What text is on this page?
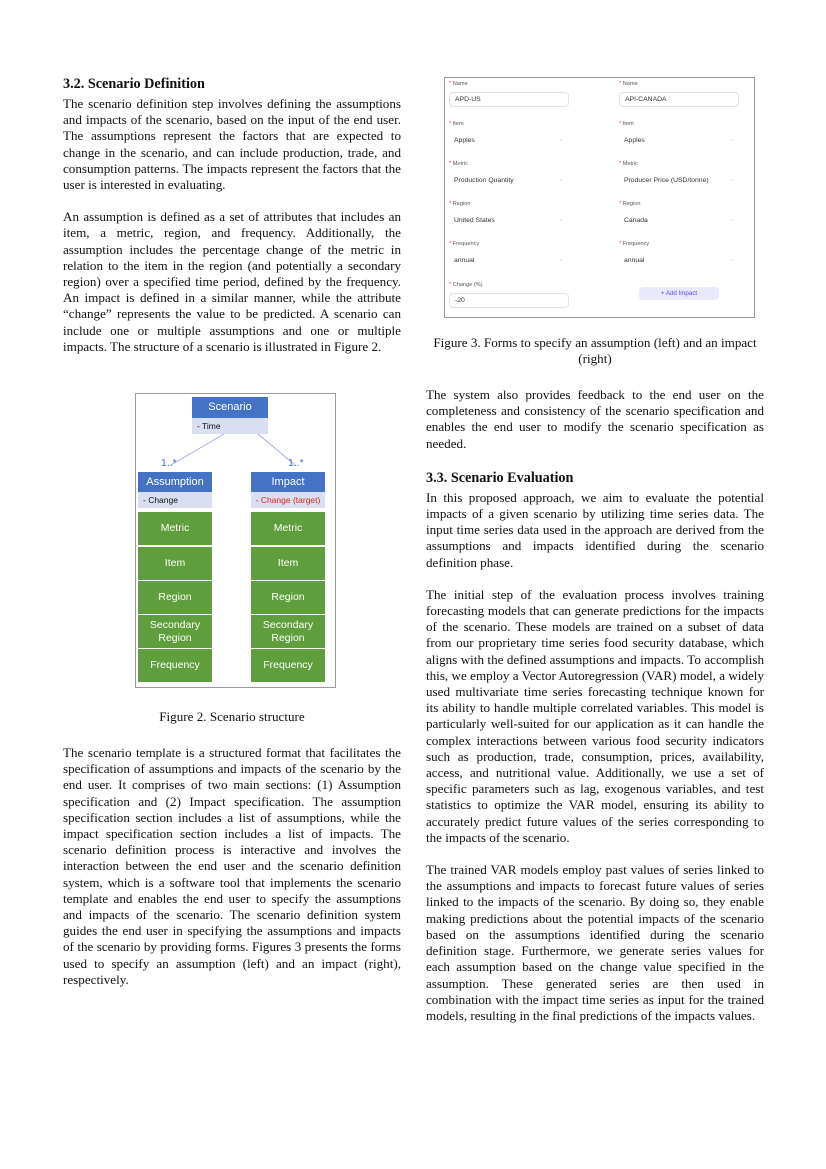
3.2. Scenario Definition

The scenario definition step involves defining the assumptions and impacts of the scenario, based on the input of the end user. The assumptions represent the factors that are expected to change in the scenario, and can include production, trade, and consumption patterns. The impacts represent the factors that the user is interested in evaluating.

An assumption is defined as a set of attributes that includes an item, a metric, region, and frequency. Additionally, the assumption includes the percentage change of the metric in relation to the item in the region (and potentially a secondary region) over a specified time period, defined by the frequency. An impact is defined in a similar manner, while the attribute “change” represents the value to be predicted. A scenario can include one or multiple assumptions and one or multiple impacts. The structure of a scenario is illustrated in Figure 2.

Scenario
- Time
1..*	1..*
Assumption
- Change
Impact
- Change (target)
Metric
Item
Region
Secondary Region
Frequency
Metric
Item
Region
Secondary Region
Frequency
Figure 2. Scenario structure

The scenario template is a structured format that facilitates the specification of assumptions and impacts of the scenario by the end user. It comprises of two main sections: (1) Assumption specification and (2) Impact specification. The assumption specification section includes a list of assumptions, while the impact specification section includes a list of impacts. The scenario definition process is interactive and involves the interaction between the end user and the scenario definition system, which is a software tool that implements the scenario template and enables the end user to specify the assumptions and impacts of the scenario. The scenario definition system guides the end user in specifying the assumptions and impacts of the scenario by providing forms. Figures 3 presents the forms used to specify an assumption (left) and an impact (right), respectively.

* Name
APD-US
* Item
Apples	⌄
* Metric
Production Quantity	⌄
* Region
United States	⌄
* Frequency
annual	⌄
* Change (%)
-20
* Name
API-CANADA
* Item
Apples	⌄
* Metric
Producer Price (USD/tonne)	⌄
* Region
Canada	⌄
* Frequency
annual	⌄
+ Add Impact
Figure 3. Forms to specify an assumption (left) and an impact (right)

The system also provides feedback to the end user on the completeness and consistency of the scenario specification and enables the end user to modify the scenario specification as needed.

3.3. Scenario Evaluation

In this proposed approach, we aim to evaluate the potential impacts of a given scenario by utilizing time series data. The input time series data used in the approach are derived from the assumptions and impacts identified during the scenario definition phase.

The initial step of the evaluation process involves training forecasting models that can generate predictions for the impacts of the scenario. These models are trained on a subset of data from our proprietary time series food security database, which aligns with the defined assumptions and impacts. To accomplish this, we employ a Vector Autoregression (VAR) model, a widely used multivariate time series forecasting technique known for its ability to handle multiple correlated variables. This model is particularly well-suited for our application as it can handle the complex interactions between various food security indicators such as production, trade, consumption, prices, availability, access, and nutritional value. Additionally, we use a set of specific parameters such as lag, exogenous variables, and test statistics to optimize the VAR model, ensuring its ability to accurately predict future values of the series corresponding to the impacts of the scenario.

The trained VAR models employ past values of series linked to the assumptions and impacts to forecast future values of series linked to the impacts of the scenario. By doing so, they enable making predictions about the potential impacts of the scenario based on the assumptions identified during the scenario definition stage. Furthermore, we generate series values for each assumption based on the change value specified in the assumption. These generated series are then used in combination with the impact time series as input for the trained models, resulting in the final predictions of the impacts values.
